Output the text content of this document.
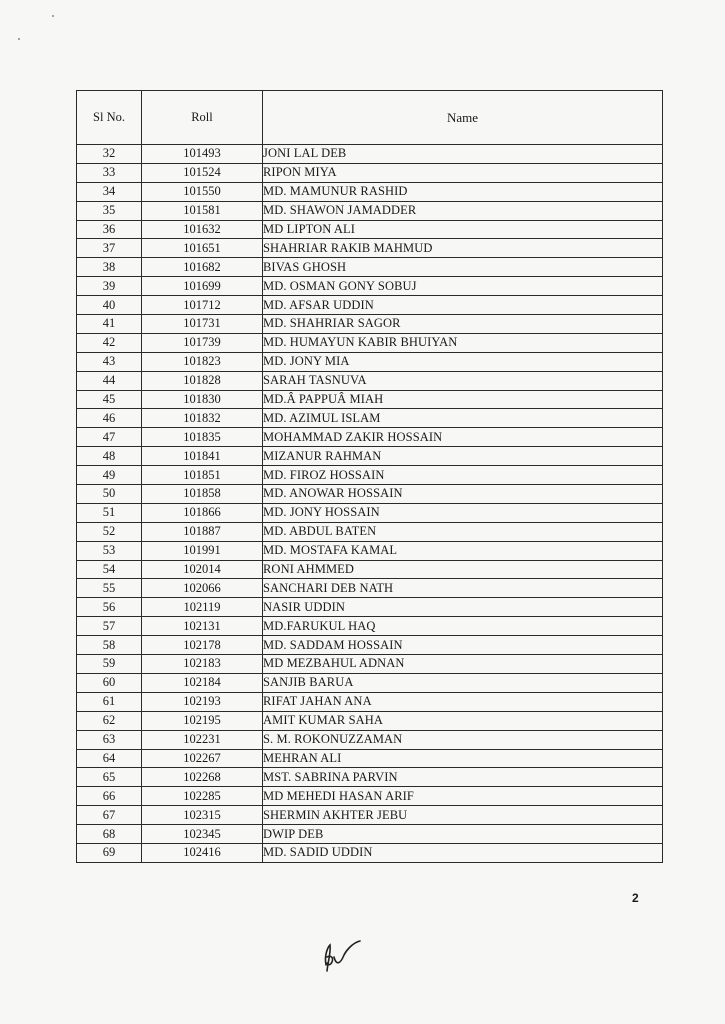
Sl No.	Roll	Name
32	101493	JONI LAL DEB
33	101524	RIPON MIYA
34	101550	MD. MAMUNUR RASHID
35	101581	MD. SHAWON JAMADDER
36	101632	MD LIPTON ALI
37	101651	SHAHRIAR RAKIB MAHMUD
38	101682	BIVAS GHOSH
39	101699	MD. OSMAN GONY SOBUJ
40	101712	MD. AFSAR UDDIN
41	101731	MD. SHAHRIAR SAGOR
42	101739	MD. HUMAYUN KABIR BHUIYAN
43	101823	MD. JONY MIA
44	101828	SARAH TASNUVA
45	101830	MD.Â PAPPUÂ MIAH
46	101832	MD. AZIMUL ISLAM
47	101835	MOHAMMAD ZAKIR HOSSAIN
48	101841	MIZANUR RAHMAN
49	101851	MD. FIROZ HOSSAIN
50	101858	MD. ANOWAR HOSSAIN
51	101866	MD. JONY HOSSAIN
52	101887	MD. ABDUL BATEN
53	101991	MD. MOSTAFA KAMAL
54	102014	RONI AHMMED
55	102066	SANCHARI DEB NATH
56	102119	NASIR UDDIN
57	102131	MD.FARUKUL HAQ
58	102178	MD. SADDAM HOSSAIN
59	102183	MD MEZBAHUL ADNAN
60	102184	SANJIB BARUA
61	102193	RIFAT JAHAN ANA
62	102195	AMIT KUMAR SAHA
63	102231	S. M. ROKONUZZAMAN
64	102267	MEHRAN ALI
65	102268	MST. SABRINA PARVIN
66	102285	MD MEHEDI HASAN ARIF
67	102315	SHERMIN AKHTER JEBU
68	102345	DWIP DEB
69	102416	MD. SADID UDDIN
2
